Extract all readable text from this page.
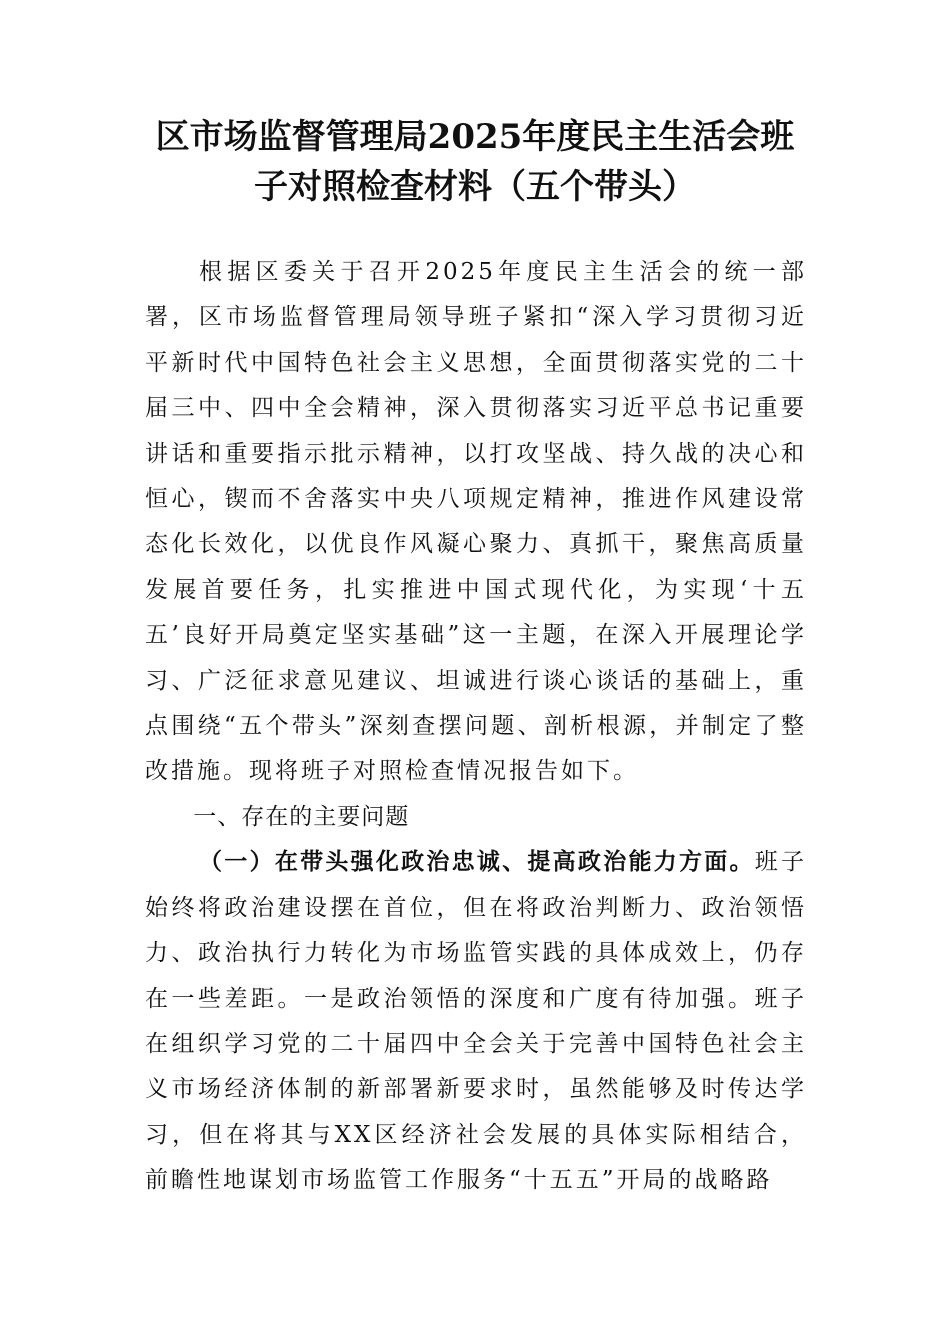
区市场监督管理局2025年度民主生活会班子对照检查材料（五个带头）

根据区委关于召开2025年度民主生活会的统一部署，区市场监督管理局领导班子紧扣“深入学习贯彻习近平新时代中国特色社会主义思想，全面贯彻落实党的二十届三中、四中全会精神，深入贯彻落实习近平总书记重要讲话和重要指示批示精神，以打攻坚战、持久战的决心和恒心，锲而不舍落实中央八项规定精神，推进作风建设常态化长效化，以优良作风凝心聚力、真抓干，聚焦高质量发展首要任务，扎实推进中国式现代化，为实现‘十五五’良好开局奠定坚实基础”这一主题，在深入开展理论学习、广泛征求意见建议、坦诚进行谈心谈话的基础上，重点围绕“五个带头”深刻查摆问题、剖析根源，并制定了整改措施。现将班子对照检查情况报告如下。

一、存在的主要问题

（一）在带头强化政治忠诚、提高政治能力方面。班子始终将政治建设摆在首位，但在将政治判断力、政治领悟力、政治执行力转化为市场监管实践的具体成效上，仍存在一些差距。一是政治领悟的深度和广度有待加强。班子在组织学习党的二十届四中全会关于完善中国特色社会主义市场经济体制的新部署新要求时，虽然能够及时传达学习，但在将其与XX区经济社会发展的具体实际相结合，前瞻性地谋划市场监管工作服务“十五五”开局的战略路
